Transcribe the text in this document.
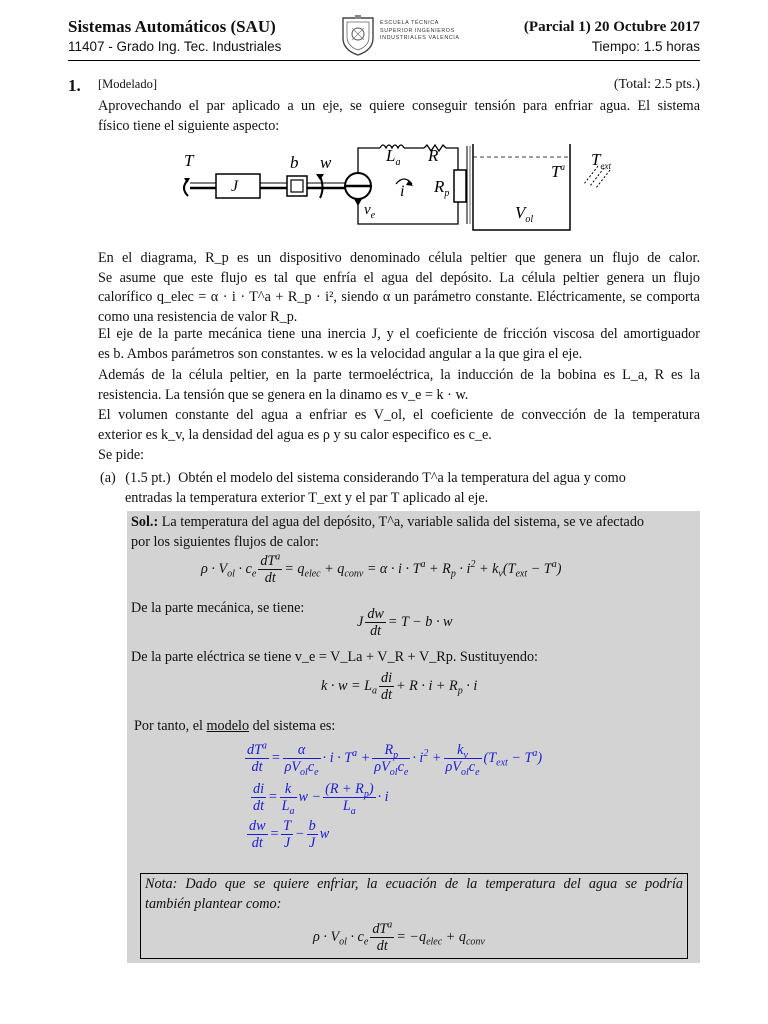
Sistemas Automáticos (SAU)
11407 - Grado Ing. Tec. Industriales
ESCUELA TÉCNICA
SUPERIOR INGENIEROS
INDUSTRIALES VALENCIA
(Parcial 1) 20 Octubre 2017
Tiempo: 1.5 horas
1. [Modelado]	(Total: 2.5 pts.)
Aprovechando el par aplicado a un eje, se quiere conseguir tensión para enfriar agua. El sistema
físico tiene el siguiente aspecto:
T
J
b w	$L_a$ R
i $R_p$
$v_e$
$T^a$ $T_{ext}$
$V_{ol}$
En el diagrama, R_p es un dispositivo denominado célula peltier que genera un flujo de calor.
Se asume que este flujo es tal que enfría el agua del depósito. La célula peltier genera un flujo
calorífico q_elec = α · i · T^a + R_p · i², siendo α un parámetro constante. Eléctricamente, se comporta
como una resistencia de valor R_p.
El eje de la parte mecánica tiene una inercia J, y el coeficiente de fricción viscosa del amortiguador
es b. Ambos parámetros son constantes. w es la velocidad angular a la que gira el eje.
Además de la célula peltier, en la parte termoeléctrica, la inducción de la bobina es L_a, R es la
resistencia. La tensión que se genera en la dinamo es v_e = k · w.
El volumen constante del agua a enfriar es V_ol, el coeficiente de convección de la temperatura
exterior es k_v, la densidad del agua es ρ y su calor especifico es c_e.
Se pide:
(a) (1.5 pt.) Obtén el modelo del sistema considerando T^a la temperatura del agua y como
entradas la temperatura exterior T_ext y el par T aplicado al eje.
Sol.: La temperatura del agua del depósito, T^a, variable salida del sistema, se ve afectado
por los siguientes flujos de calor:
$\rho \cdot V_{ol} \cdot c_e \frac{dT^a}{dt} = q_{elec} + q_{conv} = \alpha \cdot i \cdot T^a + R_p \cdot i^2 + k_v(T_{ext} - T^a)$
De la parte mecánica, se tiene:
J $\frac{dw}{dt} = T - b \cdot w$
De la parte eléctrica se tiene v_e = V_La + V_R + V_Rp. Sustituyendo:
$k \cdot w = L_a \frac{di}{dt} + R \cdot i + R_p \cdot i$
Por tanto, el modelo del sistema es:
$\frac{dT^a}{dt} = \frac{\alpha}{\rho V_{ol}c_e} \cdot i \cdot T^a + \frac{R_p}{\rho V_{ol}c_e} \cdot i^2 + \frac{k_v}{\rho V_{ol}c_e} (T_{ext} - T^a)$
$\frac{di}{dt} = \frac{k}{L_a}$ $w - \frac{(R + R_p)}{L_a} \cdot i$
$\frac{dw}{dt} = \frac{T}{J} - \frac{b}{J}$ w
Nota: Dado que se quiere enfriar, la ecuación de la temperatura del agua se podría
también plantear como:
$\rho \cdot V_{ol} \cdot c_e \frac{dT^a}{dt} = -q_{elec} + q_{conv}$
